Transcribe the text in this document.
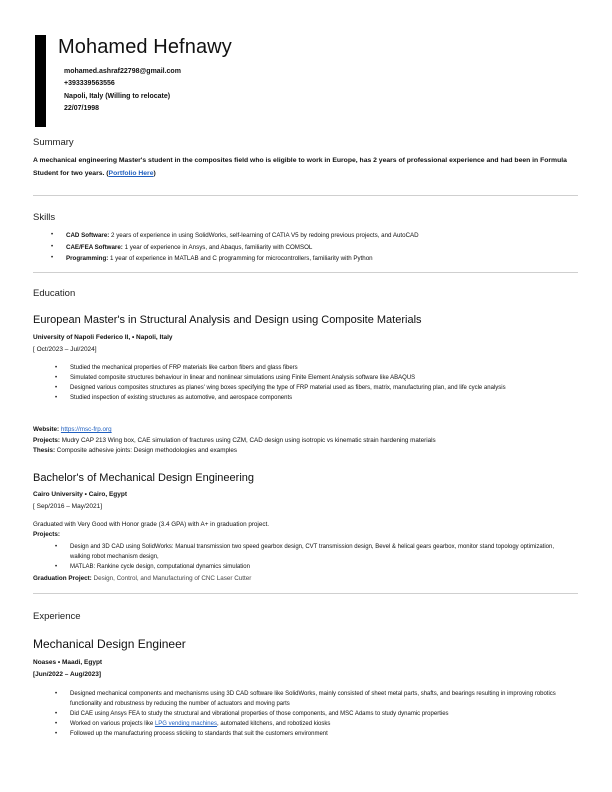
Mohamed Hefnawy
mohamed.ashraf22798@gmail.com
+393339563556
Napoli, Italy (Willing to relocate)
22/07/1998
Summary
A mechanical engineering Master's student in the composites field who is eligible to work in Europe, has 2 years of professional experience and had been in Formula Student for two years. (Portfolio Here)
Skills
• CAD Software: 2 years of experience in using SolidWorks, self-learning of CATIA V5 by redoing previous projects, and AutoCAD
• CAE/FEA Software: 1 year of experience in Ansys, and Abaqus, familiarity with COMSOL
• Programming: 1 year of experience in MATLAB and C programming for microcontrollers, familiarity with Python
Education
European Master's in Structural Analysis and Design using Composite Materials
University of Napoli Federico II, • Napoli, Italy
[ Oct/2023 – Jul/2024]
• Studied the mechanical properties of FRP materials like carbon fibers and glass fibers
• Simulated composite structures behaviour in linear and nonlinear simulations using Finite Element Analysis software like ABAQUS
• Designed various composites structures as planes' wing boxes specifying the type of FRP material used as fibers, matrix, manufacturing plan, and life cycle analysis
• Studied inspection of existing structures as automotive, and aerospace components
Website: https://msc-frp.org
Projects: Mudry CAP 213 Wing box, CAE simulation of fractures using CZM, CAD design using isotropic vs kinematic strain hardening materials
Thesis: Composite adhesive joints: Design methodologies and examples
Bachelor's of Mechanical Design Engineering
Cairo University • Cairo, Egypt
[ Sep/2016 – May/2021]
Graduated with Very Good with Honor grade (3.4 GPA) with A+ in graduation project.
Projects:
• Design and 3D CAD using SolidWorks: Manual transmission two speed gearbox design, CVT transmission design, Bevel & helical gears gearbox, monitor stand topology optimization, walking robot mechanism design,
• MATLAB: Rankine cycle design, computational dynamics simulation
Graduation Project: Design, Control, and Manufacturing of CNC Laser Cutter
Experience
Mechanical Design Engineer
Noases • Maadi, Egypt
[Jun/2022 – Aug/2023]
• Designed mechanical components and mechanisms using 3D CAD software like SolidWorks, mainly consisted of sheet metal parts, shafts, and bearings resulting in improving robotics functionality and robustness by reducing the number of actuators and moving parts
• Did CAE using Ansys FEA to study the structural and vibrational properties of those components, and MSC Adams to study dynamic properties
• Worked on various projects like LPG vending machines, automated kitchens, and robotized kiosks
• Followed up the manufacturing process sticking to standards that suit the customers environment
